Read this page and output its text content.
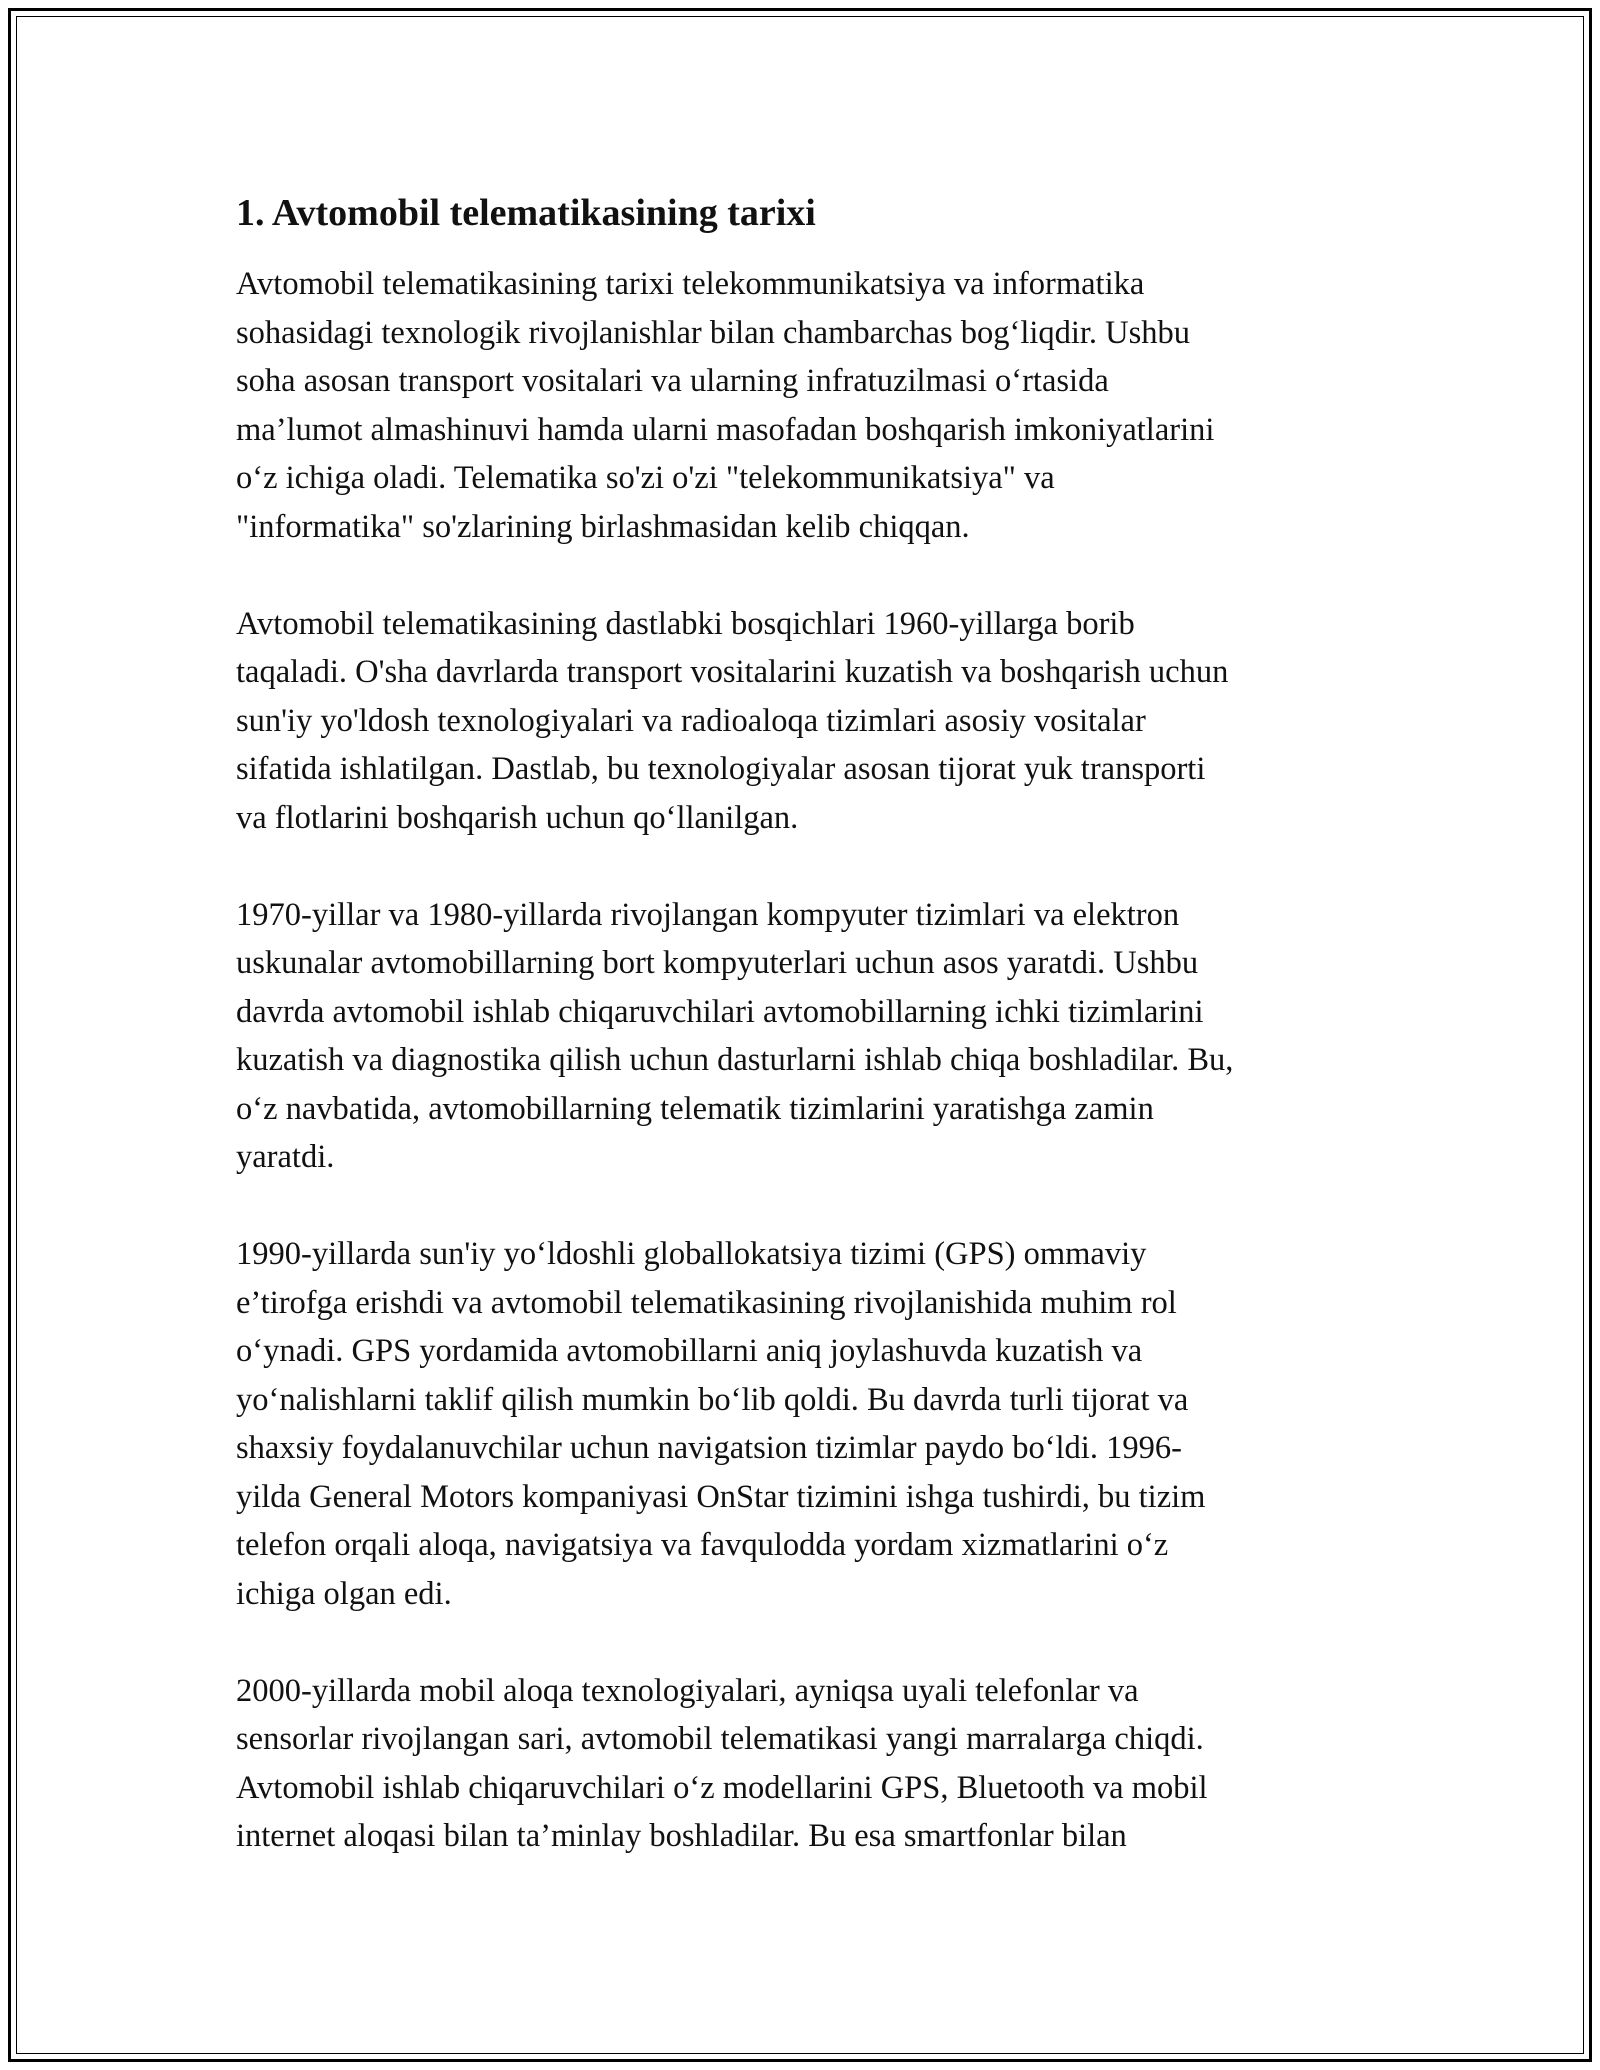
1. Avtomobil telematikasining tarixi

Avtomobil telematikasining tarixi telekommunikatsiya va informatika
sohasidagi texnologik rivojlanishlar bilan chambarchas bog‘liqdir. Ushbu
soha asosan transport vositalari va ularning infratuzilmasi o‘rtasida
ma’lumot almashinuvi hamda ularni masofadan boshqarish imkoniyatlarini
o‘z ichiga oladi. Telematika so'zi o'zi "telekommunikatsiya" va
"informatika" so'zlarining birlashmasidan kelib chiqqan.

Avtomobil telematikasining dastlabki bosqichlari 1960-yillarga borib
taqaladi. O'sha davrlarda transport vositalarini kuzatish va boshqarish uchun
sun'iy yo'ldosh texnologiyalari va radioaloqa tizimlari asosiy vositalar
sifatida ishlatilgan. Dastlab, bu texnologiyalar asosan tijorat yuk transporti
va flotlarini boshqarish uchun qo‘llanilgan.

1970-yillar va 1980-yillarda rivojlangan kompyuter tizimlari va elektron
uskunalar avtomobillarning bort kompyuterlari uchun asos yaratdi. Ushbu
davrda avtomobil ishlab chiqaruvchilari avtomobillarning ichki tizimlarini
kuzatish va diagnostika qilish uchun dasturlarni ishlab chiqa boshladilar. Bu,
o‘z navbatida, avtomobillarning telematik tizimlarini yaratishga zamin
yaratdi.

1990-yillarda sun'iy yo‘ldoshli globallokatsiya tizimi (GPS) ommaviy
e’tirofga erishdi va avtomobil telematikasining rivojlanishida muhim rol
o‘ynadi. GPS yordamida avtomobillarni aniq joylashuvda kuzatish va
yo‘nalishlarni taklif qilish mumkin bo‘lib qoldi. Bu davrda turli tijorat va
shaxsiy foydalanuvchilar uchun navigatsion tizimlar paydo bo‘ldi. 1996-
yilda General Motors kompaniyasi OnStar tizimini ishga tushirdi, bu tizim
telefon orqali aloqa, navigatsiya va favqulodda yordam xizmatlarini o‘z
ichiga olgan edi.

2000-yillarda mobil aloqa texnologiyalari, ayniqsa uyali telefonlar va
sensorlar rivojlangan sari, avtomobil telematikasi yangi marralarga chiqdi.
Avtomobil ishlab chiqaruvchilari o‘z modellarini GPS, Bluetooth va mobil
internet aloqasi bilan ta’minlay boshladilar. Bu esa smartfonlar bilan
